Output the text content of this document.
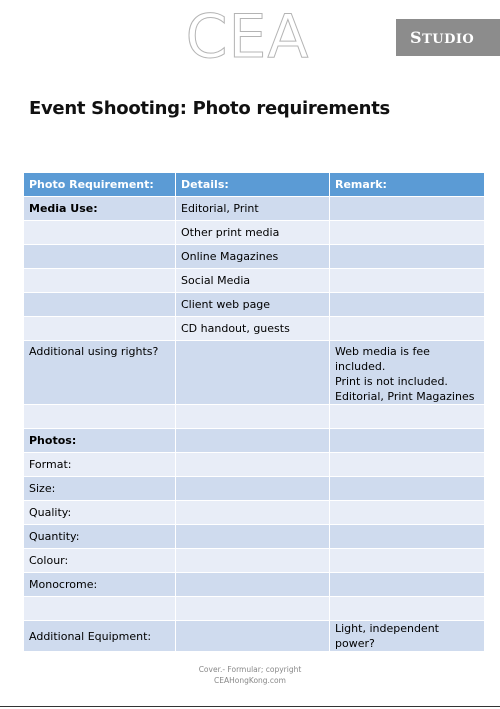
CEA	STUDIO
Event Shooting: Photo requirements
Photo Requirement:	Details:	Remark:
Media Use:	Editorial, Print	
	Other print media	
	Online Magazines	
	Social Media	
	Client web page	
	CD handout, guests	
Additional using rights?		Web media is fee included.
Print is not included.
Editorial, Print Magazines

Photos:		
Format:		
Size:		
Quality:		
Quantity:		
Colour:		
Monocrome:		

Additional Equipment:		Light, independent power?
Cover.- Formular; copyright
CEAHongKong.com
